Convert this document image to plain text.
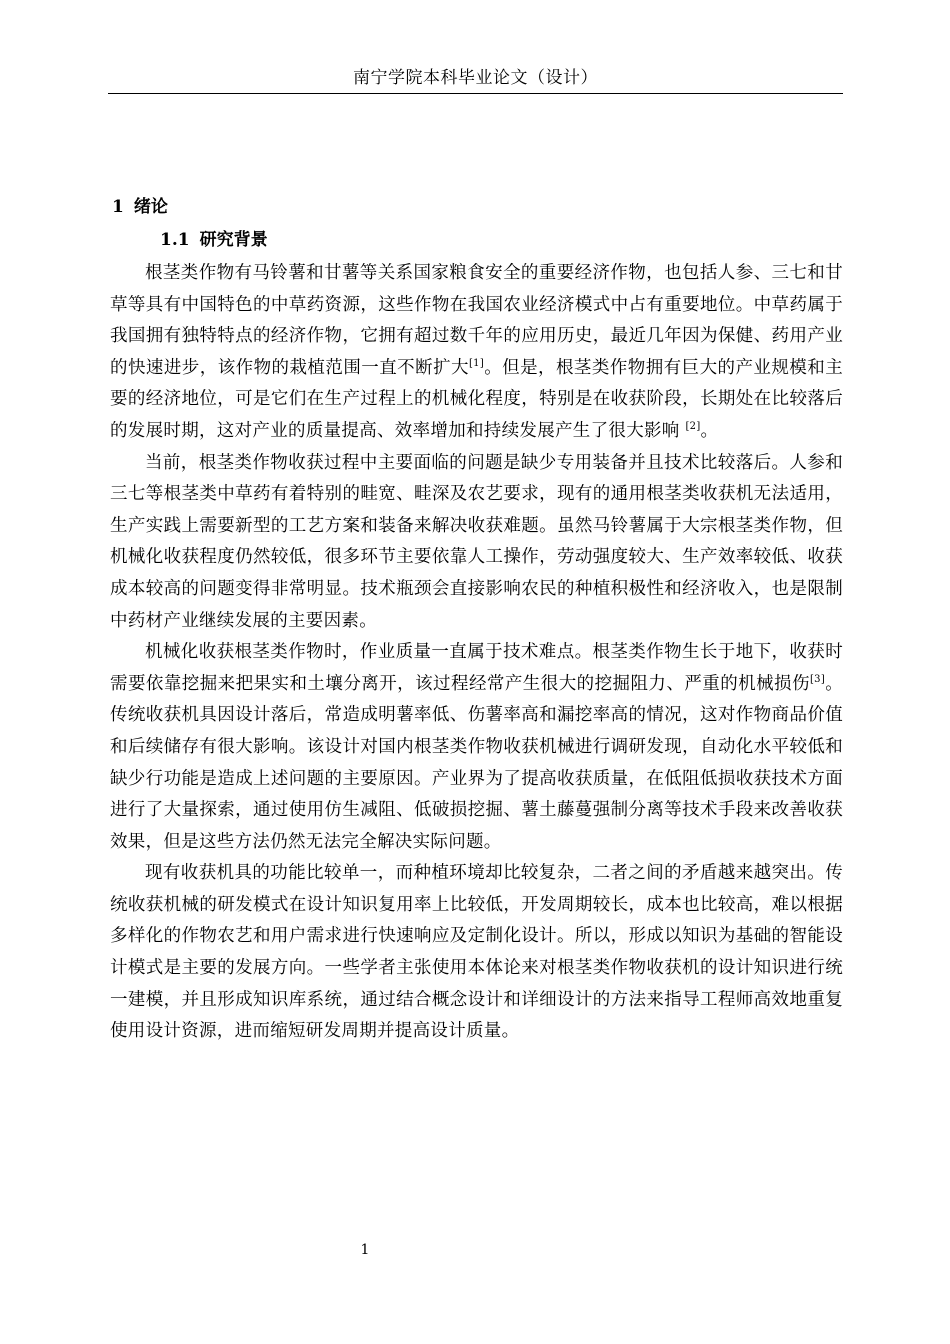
南宁学院本科毕业论文（设计）
1 绪论
1.1 研究背景

根茎类作物有马铃薯和甘薯等关系国家粮食安全的重要经济作物，也包括人参、三七和甘草等具有中国特色的中草药资源，这些作物在我国农业经济模式中占有重要地位。中草药属于我国拥有独特特点的经济作物，它拥有超过数千年的应用历史，最近几年因为保健、药用产业的快速进步，该作物的栽植范围一直不断扩大[1]。但是，根茎类作物拥有巨大的产业规模和主要的经济地位，可是它们在生产过程上的机械化程度，特别是在收获阶段，长期处在比较落后的发展时期，这对产业的质量提高、效率增加和持续发展产生了很大影响 [2]。

当前，根茎类作物收获过程中主要面临的问题是缺少专用装备并且技术比较落后。人参和三七等根茎类中草药有着特别的畦宽、畦深及农艺要求，现有的通用根茎类收获机无法适用，生产实践上需要新型的工艺方案和装备来解决收获难题。虽然马铃薯属于大宗根茎类作物，但机械化收获程度仍然较低，很多环节主要依靠人工操作，劳动强度较大、生产效率较低、收获成本较高的问题变得非常明显。技术瓶颈会直接影响农民的种植积极性和经济收入，也是限制中药材产业继续发展的主要因素。

机械化收获根茎类作物时，作业质量一直属于技术难点。根茎类作物生长于地下，收获时需要依靠挖掘来把果实和土壤分离开，该过程经常产生很大的挖掘阻力、严重的机械损伤[3]。传统收获机具因设计落后，常造成明薯率低、伤薯率高和漏挖率高的情况，这对作物商品价值和后续储存有很大影响。该设计对国内根茎类作物收获机械进行调研发现，自动化水平较低和缺少行功能是造成上述问题的主要原因。产业界为了提高收获质量，在低阻低损收获技术方面进行了大量探索，通过使用仿生减阻、低破损挖掘、薯土藤蔓强制分离等技术手段来改善收获效果，但是这些方法仍然无法完全解决实际问题。

现有收获机具的功能比较单一，而种植环境却比较复杂，二者之间的矛盾越来越突出。传统收获机械的研发模式在设计知识复用率上比较低，开发周期较长，成本也比较高，难以根据多样化的作物农艺和用户需求进行快速响应及定制化设计。所以，形成以知识为基础的智能设计模式是主要的发展方向。一些学者主张使用本体论来对根茎类作物收获机的设计知识进行统一建模，并且形成知识库系统，通过结合概念设计和详细设计的方法来指导工程师高效地重复使用设计资源，进而缩短研发周期并提高设计质量。

1
